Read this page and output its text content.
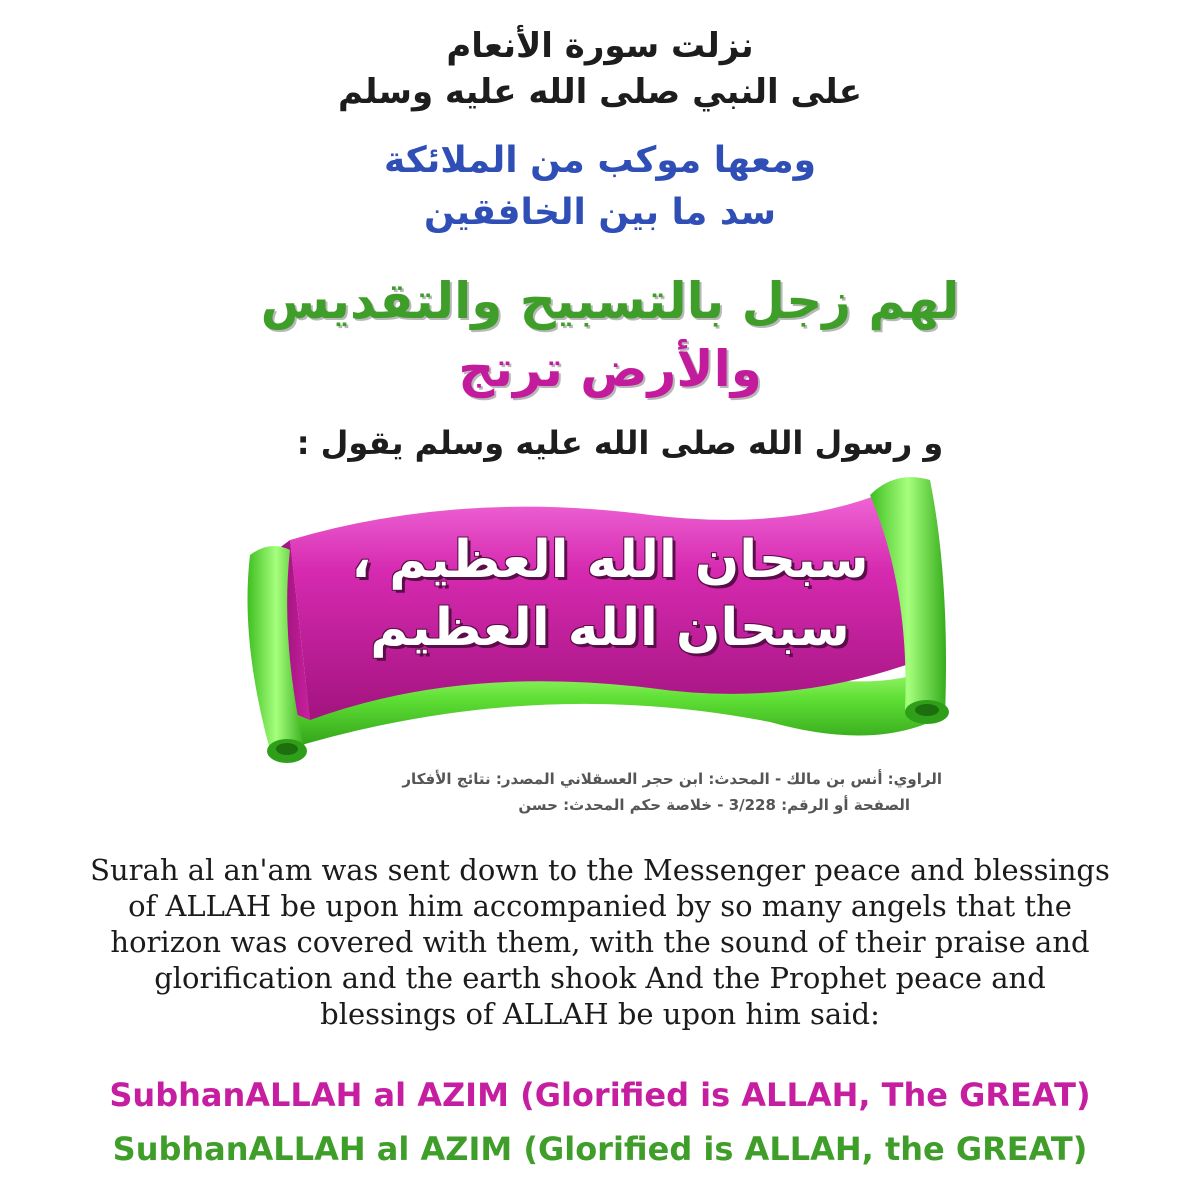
نزلت سورة الأنعام
على النبي صلى الله عليه وسلم
ومعها موكب من الملائكة
سد ما بين الخافقين
لهم زجل بالتسبيح والتقديس
والأرض ترتج
و رسول الله صلى الله عليه وسلم يقول :
سبحان الله العظيم ،
سبحان الله العظيم
الراوي: أنس بن مالك - المحدث: ابن حجر العسقلاني المصدر: نتائج الأفكار
الصفحة أو الرقم: 3/228 - خلاصة حكم المحدث: حسن
Surah al an'am was sent down to the Messenger peace and blessings
of ALLAH be upon him accompanied by so many angels that the
horizon was covered with them, with the sound of their praise and
glorification and the earth shook And the Prophet peace and
blessings of ALLAH be upon him said:
SubhanALLAH al AZIM (Glorified is ALLAH, The GREAT)
SubhanALLAH al AZIM (Glorified is ALLAH, the GREAT)
